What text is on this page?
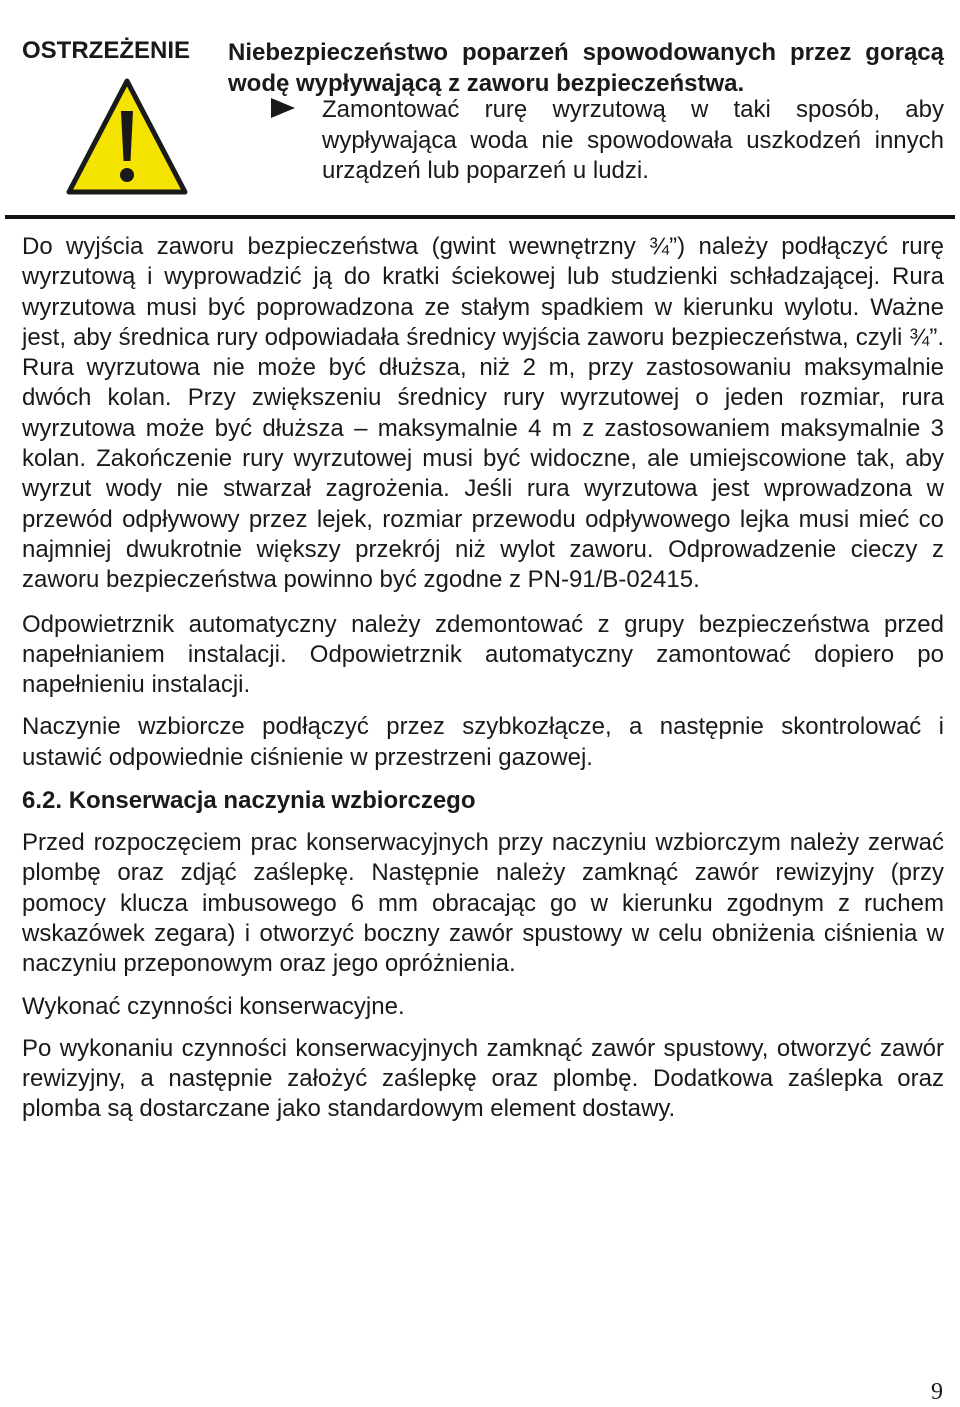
OSTRZEŻENIE Niebezpieczeństwo poparzeń spowodowanych przez gorącą wodę wypływającą z zaworu bezpieczeństwa.
Zamontować rurę wyrzutową w taki sposób, aby wypływająca woda nie spowodowała uszkodzeń innych urządzeń lub poparzeń u ludzi.

Do wyjścia zaworu bezpieczeństwa (gwint wewnętrzny ¾”) należy podłączyć rurę wyrzutową i wyprowadzić ją do kratki ściekowej lub studzienki schładzającej. Rura wyrzutowa musi być poprowadzona ze stałym spadkiem w kierunku wylotu. Ważne jest, aby średnica rury odpowiadała średnicy wyjścia zaworu bezpieczeństwa, czyli ¾”. Rura wyrzutowa nie może być dłuższa, niż 2 m, przy zastosowaniu maksymalnie dwóch kolan. Przy zwiększeniu średnicy rury wyrzutowej o jeden rozmiar, rura wyrzutowa może być dłuższa – maksymalnie 4 m z zastosowaniem maksymalnie 3 kolan. Zakończenie rury wyrzutowej musi być widoczne, ale umiejscowione tak, aby wyrzut wody nie stwarzał zagrożenia. Jeśli rura wyrzutowa jest wprowadzona w przewód odpływowy przez lejek, rozmiar przewodu odpływowego lejka musi mieć co najmniej dwukrotnie większy przekrój niż wylot zaworu. Odprowadzenie cieczy z zaworu bezpieczeństwa powinno być zgodne z PN-91/B-02415.

Odpowietrznik automatyczny należy zdemontować z grupy bezpieczeństwa przed napełnianiem instalacji. Odpowietrznik automatyczny zamontować dopiero po napełnieniu instalacji.

Naczynie wzbiorcze podłączyć przez szybkozłącze, a następnie skontrolować i ustawić odpowiednie ciśnienie w przestrzeni gazowej.

6.2. Konserwacja naczynia wzbiorczego

Przed rozpoczęciem prac konserwacyjnych przy naczyniu wzbiorczym należy zerwać plombę oraz zdjąć zaślepkę. Następnie należy zamknąć zawór rewizyjny (przy pomocy klucza imbusowego 6 mm obracając go w kierunku zgodnym z ruchem wskazówek zegara) i otworzyć boczny zawór spustowy w celu obniżenia ciśnienia w naczyniu przeponowym oraz jego opróżnienia.

Wykonać czynności konserwacyjne.

Po wykonaniu czynności konserwacyjnych zamknąć zawór spustowy, otworzyć zawór rewizyjny, a następnie założyć zaślepkę oraz plombę. Dodatkowa zaślepka oraz plomba są dostarczane jako standardowym element dostawy.

9
